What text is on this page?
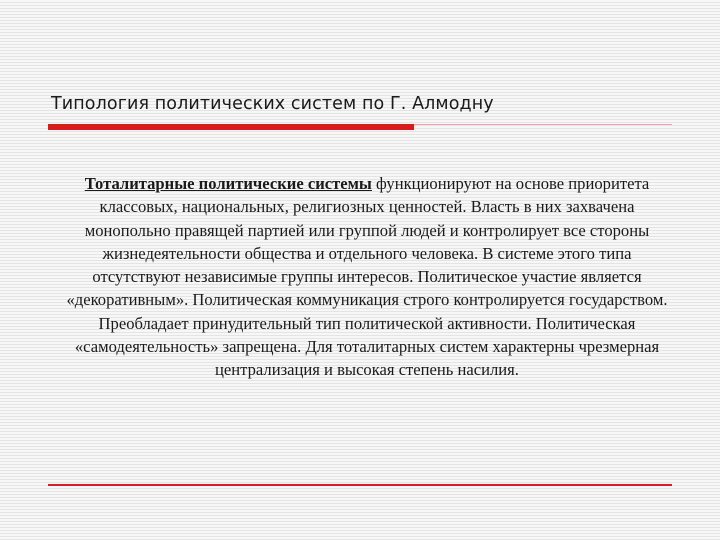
Типология политических систем по Г. Алмодну
Тоталитарные политические системы функционируют на основе приоритета классовых, национальных, религиозных ценностей. Власть в них захвачена монопольно правящей партией или группой людей и контролирует все стороны жизнедеятельности общества и отдельного человека. В системе этого типа отсутствуют независимые группы интересов. Политическое участие является «декоративным». Политическая коммуникация строго контролируется государством. Преобладает принудительный тип политической активности. Политическая «самодеятельность» запрещена. Для тоталитарных систем характерны чрезмерная централизация и высокая степень насилия.
